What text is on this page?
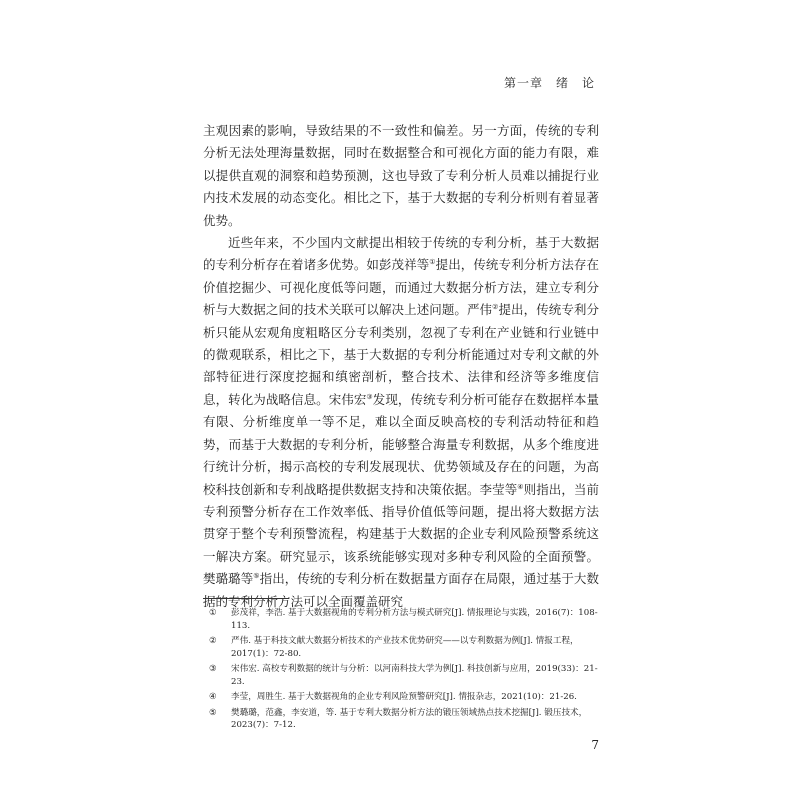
第一章　绪　论

主观因素的影响，导致结果的不一致性和偏差。另一方面，传统的专利分析无法处理海量数据，同时在数据整合和可视化方面的能力有限，难以提供直观的洞察和趋势预测，这也导致了专利分析人员难以捕捉行业内技术发展的动态变化。相比之下，基于大数据的专利分析则有着显著优势。

近些年来，不少国内文献提出相较于传统的专利分析，基于大数据的专利分析存在着诸多优势。如彭茂祥等①提出，传统专利分析方法存在价值挖掘少、可视化度低等问题，而通过大数据分析方法，建立专利分析与大数据之间的技术关联可以解决上述问题。严伟②提出，传统专利分析只能从宏观角度粗略区分专利类别，忽视了专利在产业链和行业链中的微观联系，相比之下，基于大数据的专利分析能通过对专利文献的外部特征进行深度挖掘和缜密剖析，整合技术、法律和经济等多维度信息，转化为战略信息。宋伟宏③发现，传统专利分析可能存在数据样本量有限、分析维度单一等不足，难以全面反映高校的专利活动特征和趋势，而基于大数据的专利分析，能够整合海量专利数据，从多个维度进行统计分析，揭示高校的专利发展现状、优势领域及存在的问题，为高校科技创新和专利战略提供数据支持和决策依据。李莹等④则指出，当前专利预警分析存在工作效率低、指导价值低等问题，提出将大数据方法贯穿于整个专利预警流程，构建基于大数据的企业专利风险预警系统这一解决方案。研究显示，该系统能够实现对多种专利风险的全面预警。樊璐璐等⑤指出，传统的专利分析在数据量方面存在局限，通过基于大数据的专利分析方法可以全面覆盖研究

①	彭茂祥，李浩. 基于大数据视角的专利分析方法与模式研究[J]. 情报理论与实践，2016(7)：108-113.
②	严伟. 基于科技文献大数据分析技术的产业技术优势研究——以专利数据为例[J]. 情报工程，2017(1)：72-80.
③	宋伟宏. 高校专利数据的统计与分析：以河南科技大学为例[J]. 科技创新与应用，2019(33)：21-23.
④	李莹，周胜生. 基于大数据视角的企业专利风险预警研究[J]. 情报杂志，2021(10)：21-26.
⑤	樊璐璐，范鑫，李安道，等. 基于专利大数据分析方法的锻压领域热点技术挖掘[J]. 锻压技术，2023(7)：7-12.
7
